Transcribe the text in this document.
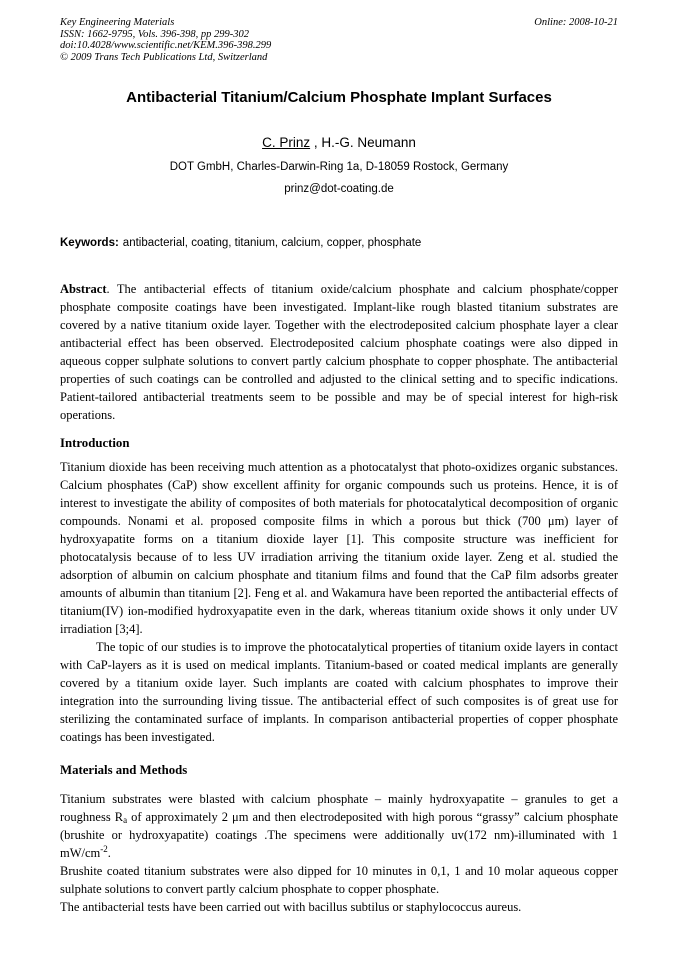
Key Engineering Materials	Online: 2008-10-21
ISSN: 1662-9795, Vols. 396-398, pp 299-302
doi:10.4028/www.scientific.net/KEM.396-398.299
© 2009 Trans Tech Publications Ltd, Switzerland
Antibacterial Titanium/Calcium Phosphate Implant Surfaces
C. Prinz , H.-G. Neumann
DOT GmbH, Charles-Darwin-Ring 1a, D-18059 Rostock, Germany
prinz@dot-coating.de
Keywords: antibacterial, coating, titanium, calcium, copper, phosphate

Abstract. The antibacterial effects of titanium oxide/calcium phosphate and calcium phosphate/copper phosphate composite coatings have been investigated. Implant-like rough blasted titanium substrates are covered by a native titanium oxide layer. Together with the electrodeposited calcium phosphate layer a clear antibacterial effect has been observed. Electrodeposited calcium phosphate coatings were also dipped in aqueous copper sulphate solutions to convert partly calcium phosphate to copper phosphate. The antibacterial properties of such coatings can be controlled and adjusted to the clinical setting and to specific indications. Patient-tailored antibacterial treatments seem to be possible and may be of special interest for high-risk operations.

Introduction

Titanium dioxide has been receiving much attention as a photocatalyst that photo-oxidizes organic substances. Calcium phosphates (CaP) show excellent affinity for organic compounds such us proteins. Hence, it is of interest to investigate the ability of composites of both materials for photocatalytical decomposition of organic compounds. Nonami et al. proposed composite films in which a porous but thick (700 μm) layer of hydroxyapatite forms on a titanium dioxide layer [1]. This composite structure was inefficient for photocatalysis because of to less UV irradiation arriving the titanium oxide layer. Zeng et al. studied the adsorption of albumin on calcium phosphate and titanium films and found that the CaP film adsorbs greater amounts of albumin than titanium [2]. Feng et al. and Wakamura have been reported the antibacterial effects of titanium(IV) ion-modified hydroxyapatite even in the dark, whereas titanium oxide shows it only under UV irradiation [3;4].

The topic of our studies is to improve the photocatalytical properties of titanium oxide layers in contact with CaP-layers as it is used on medical implants. Titanium-based or coated medical implants are generally covered by a titanium oxide layer. Such implants are coated with calcium phosphates to improve their integration into the surrounding living tissue. The antibacterial effect of such composites is of great use for sterilizing the contaminated surface of implants. In comparison antibacterial properties of copper phosphate coatings has been investigated.

Materials and Methods

Titanium substrates were blasted with calcium phosphate – mainly hydroxyapatite – granules to get a roughness $R_a$ of approximately 2 μm and then electrodeposited with high porous “grassy” calcium phosphate (brushite or hydroxyapatite) coatings .The specimens were additionally uv(172 nm)-illuminated with 1 $mW/cm^{-2}$.

Brushite coated titanium substrates were also dipped for 10 minutes in 0,1, 1 and 10 molar aqueous copper sulphate solutions to convert partly calcium phosphate to copper phosphate.

The antibacterial tests have been carried out with bacillus subtilus or staphylococcus aureus.
